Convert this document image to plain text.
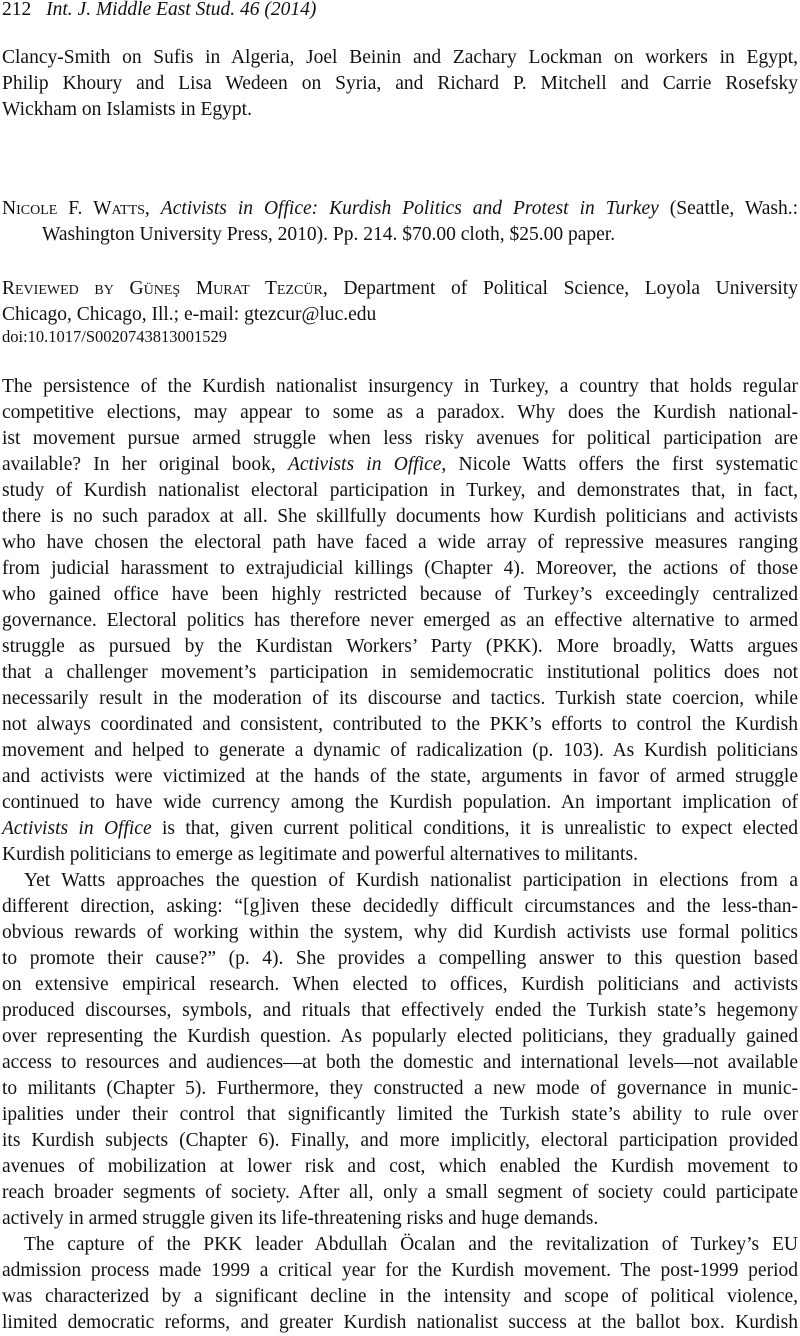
212 Int. J. Middle East Stud. 46 (2014)
Clancy-Smith on Sufis in Algeria, Joel Beinin and Zachary Lockman on workers in Egypt,
Philip Khoury and Lisa Wedeen on Syria, and Richard P. Mitchell and Carrie Rosefsky
Wickham on Islamists in Egypt.
Nicole F. Watts, Activists in Office: Kurdish Politics and Protest in Turkey (Seattle, Wash.:
Washington University Press, 2010). Pp. 214. $70.00 cloth, $25.00 paper.
Reviewed by Güneş Murat Tezcür, Department of Political Science, Loyola University
Chicago, Chicago, Ill.; e-mail: gtezcur@luc.edu
doi:10.1017/S0020743813001529
The persistence of the Kurdish nationalist insurgency in Turkey, a country that holds regular
competitive elections, may appear to some as a paradox. Why does the Kurdish national-
ist movement pursue armed struggle when less risky avenues for political participation are
available? In her original book, Activists in Office, Nicole Watts offers the first systematic
study of Kurdish nationalist electoral participation in Turkey, and demonstrates that, in fact,
there is no such paradox at all. She skillfully documents how Kurdish politicians and activists
who have chosen the electoral path have faced a wide array of repressive measures ranging
from judicial harassment to extrajudicial killings (Chapter 4). Moreover, the actions of those
who gained office have been highly restricted because of Turkey’s exceedingly centralized
governance. Electoral politics has therefore never emerged as an effective alternative to armed
struggle as pursued by the Kurdistan Workers’ Party (PKK). More broadly, Watts argues
that a challenger movement’s participation in semidemocratic institutional politics does not
necessarily result in the moderation of its discourse and tactics. Turkish state coercion, while
not always coordinated and consistent, contributed to the PKK’s efforts to control the Kurdish
movement and helped to generate a dynamic of radicalization (p. 103). As Kurdish politicians
and activists were victimized at the hands of the state, arguments in favor of armed struggle
continued to have wide currency among the Kurdish population. An important implication of
Activists in Office is that, given current political conditions, it is unrealistic to expect elected
Kurdish politicians to emerge as legitimate and powerful alternatives to militants.
Yet Watts approaches the question of Kurdish nationalist participation in elections from a
different direction, asking: “[g]iven these decidedly difficult circumstances and the less-than-
obvious rewards of working within the system, why did Kurdish activists use formal politics
to promote their cause?” (p. 4). She provides a compelling answer to this question based
on extensive empirical research. When elected to offices, Kurdish politicians and activists
produced discourses, symbols, and rituals that effectively ended the Turkish state’s hegemony
over representing the Kurdish question. As popularly elected politicians, they gradually gained
access to resources and audiences—at both the domestic and international levels—not available
to militants (Chapter 5). Furthermore, they constructed a new mode of governance in munic-
ipalities under their control that significantly limited the Turkish state’s ability to rule over
its Kurdish subjects (Chapter 6). Finally, and more implicitly, electoral participation provided
avenues of mobilization at lower risk and cost, which enabled the Kurdish movement to
reach broader segments of society. After all, only a small segment of society could participate
actively in armed struggle given its life-threatening risks and huge demands.
The capture of the PKK leader Abdullah Öcalan and the revitalization of Turkey’s EU
admission process made 1999 a critical year for the Kurdish movement. The post-1999 period
was characterized by a significant decline in the intensity and scope of political violence,
limited democratic reforms, and greater Kurdish nationalist success at the ballot box. Kurdish
